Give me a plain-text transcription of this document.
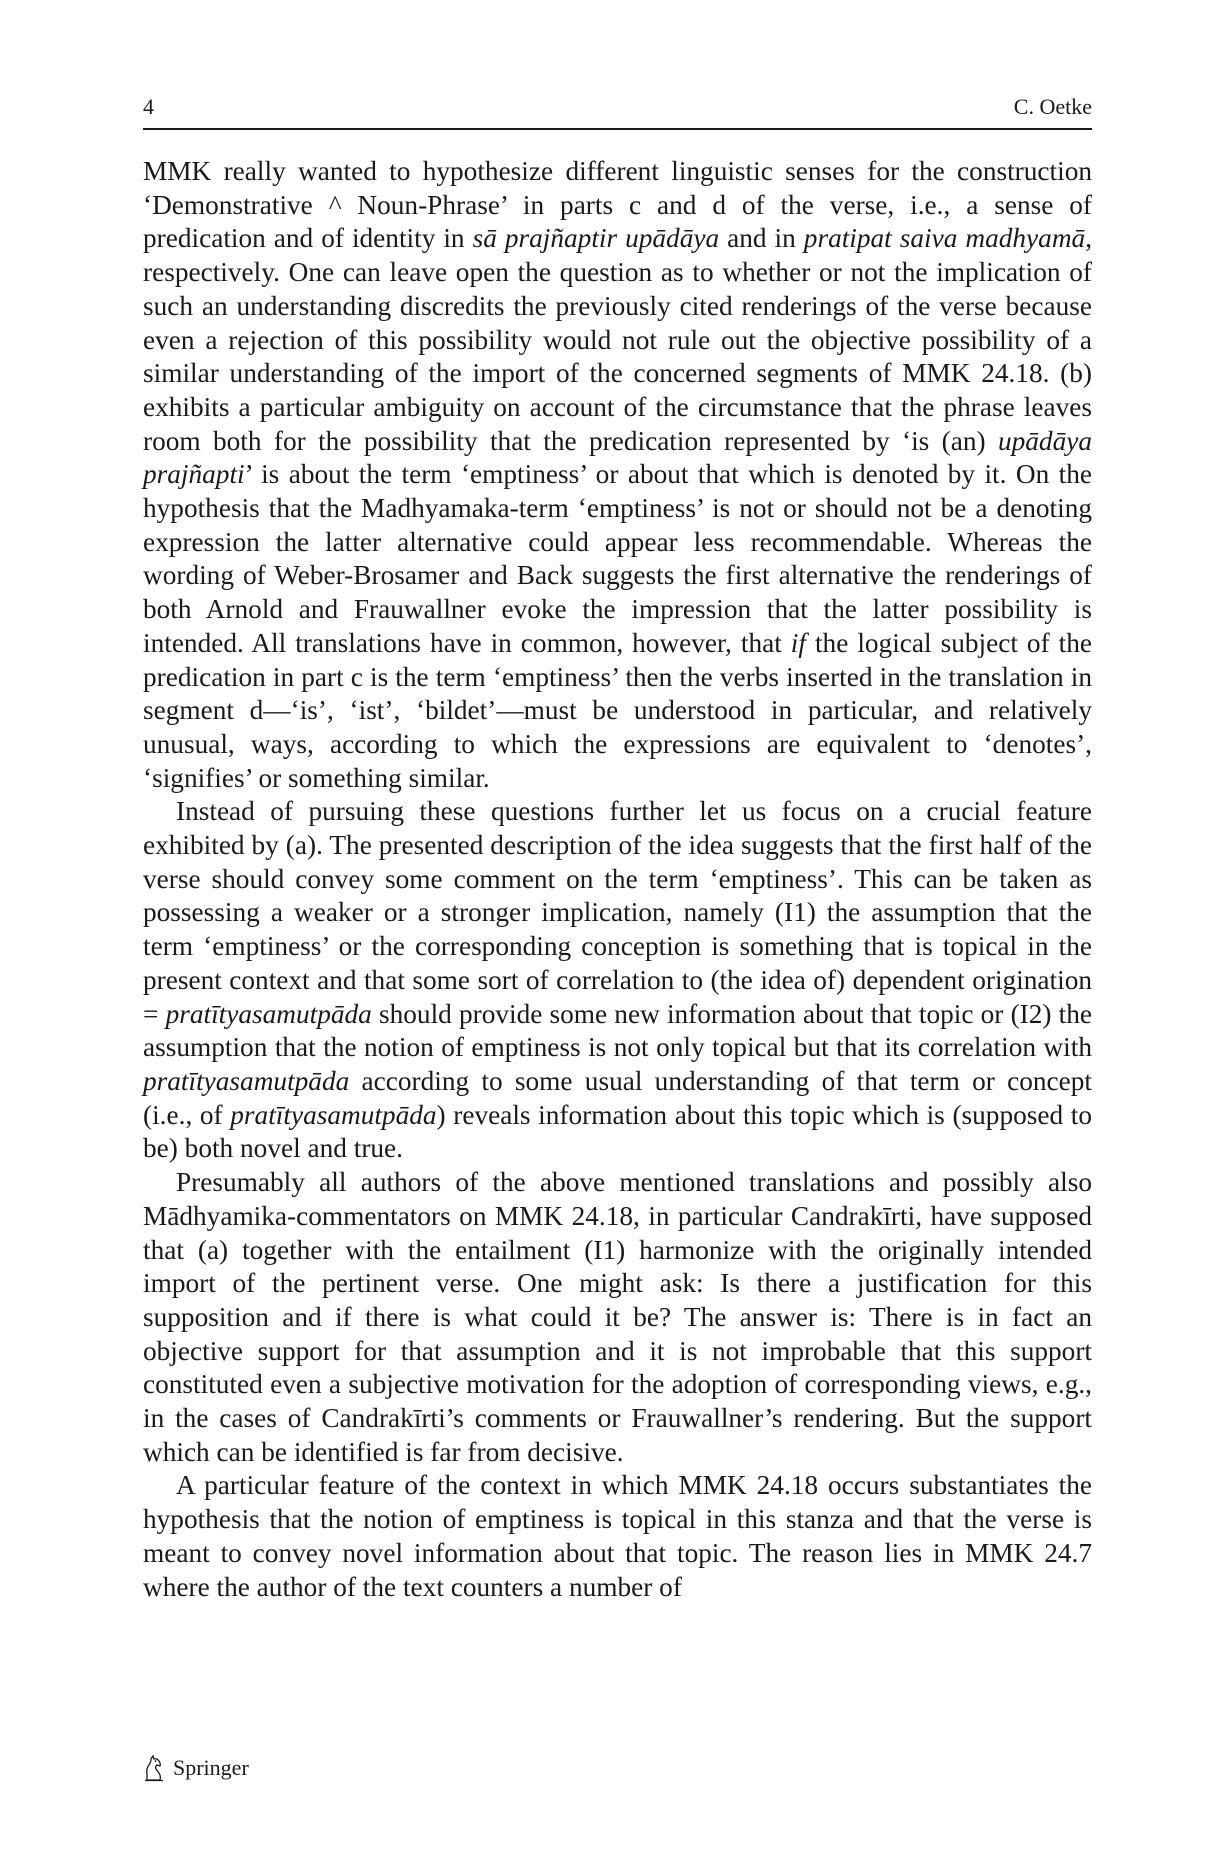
4	C. Oetke

MMK really wanted to hypothesize different linguistic senses for the construction ‘Demonstrative ^ Noun-Phrase’ in parts c and d of the verse, i.e., a sense of predication and of identity in sā prajñaptir upādāya and in pratipat saiva madhyamā, respectively. One can leave open the question as to whether or not the implication of such an understanding discredits the previously cited renderings of the verse because even a rejection of this possibility would not rule out the objective possibility of a similar understanding of the import of the concerned segments of MMK 24.18. (b) exhibits a particular ambiguity on account of the circumstance that the phrase leaves room both for the possibility that the predication represented by ‘is (an) upādāya prajñapti’ is about the term ‘emptiness’ or about that which is denoted by it. On the hypothesis that the Madhyamaka-term ‘emptiness’ is not or should not be a denoting expression the latter alternative could appear less recommendable. Whereas the wording of Weber-Brosamer and Back suggests the first alternative the renderings of both Arnold and Frauwallner evoke the impression that the latter possibility is intended. All translations have in common, however, that if the logical subject of the predication in part c is the term ‘emptiness’ then the verbs inserted in the translation in segment d—‘is’, ‘ist’, ‘bildet’—must be understood in particular, and relatively unusual, ways, according to which the expressions are equivalent to ‘denotes’, ‘signifies’ or something similar.

Instead of pursuing these questions further let us focus on a crucial feature exhibited by (a). The presented description of the idea suggests that the first half of the verse should convey some comment on the term ‘emptiness’. This can be taken as possessing a weaker or a stronger implication, namely (I1) the assumption that the term ‘emptiness’ or the corresponding conception is something that is topical in the present context and that some sort of correlation to (the idea of) dependent origination = pratītyasamutpāda should provide some new information about that topic or (I2) the assumption that the notion of emptiness is not only topical but that its correlation with pratītyasamutpāda according to some usual understanding of that term or concept (i.e., of pratītyasamutpāda) reveals information about this topic which is (supposed to be) both novel and true.

Presumably all authors of the above mentioned translations and possibly also Mādhyamika-commentators on MMK 24.18, in particular Candrakīrti, have supposed that (a) together with the entailment (I1) harmonize with the originally intended import of the pertinent verse. One might ask: Is there a justification for this supposition and if there is what could it be? The answer is: There is in fact an objective support for that assumption and it is not improbable that this support constituted even a subjective motivation for the adoption of corresponding views, e.g., in the cases of Candrakīrti’s comments or Frauwallner’s rendering. But the support which can be identified is far from decisive.

A particular feature of the context in which MMK 24.18 occurs substantiates the hypothesis that the notion of emptiness is topical in this stanza and that the verse is meant to convey novel information about that topic. The reason lies in MMK 24.7 where the author of the text counters a number of

Springer
